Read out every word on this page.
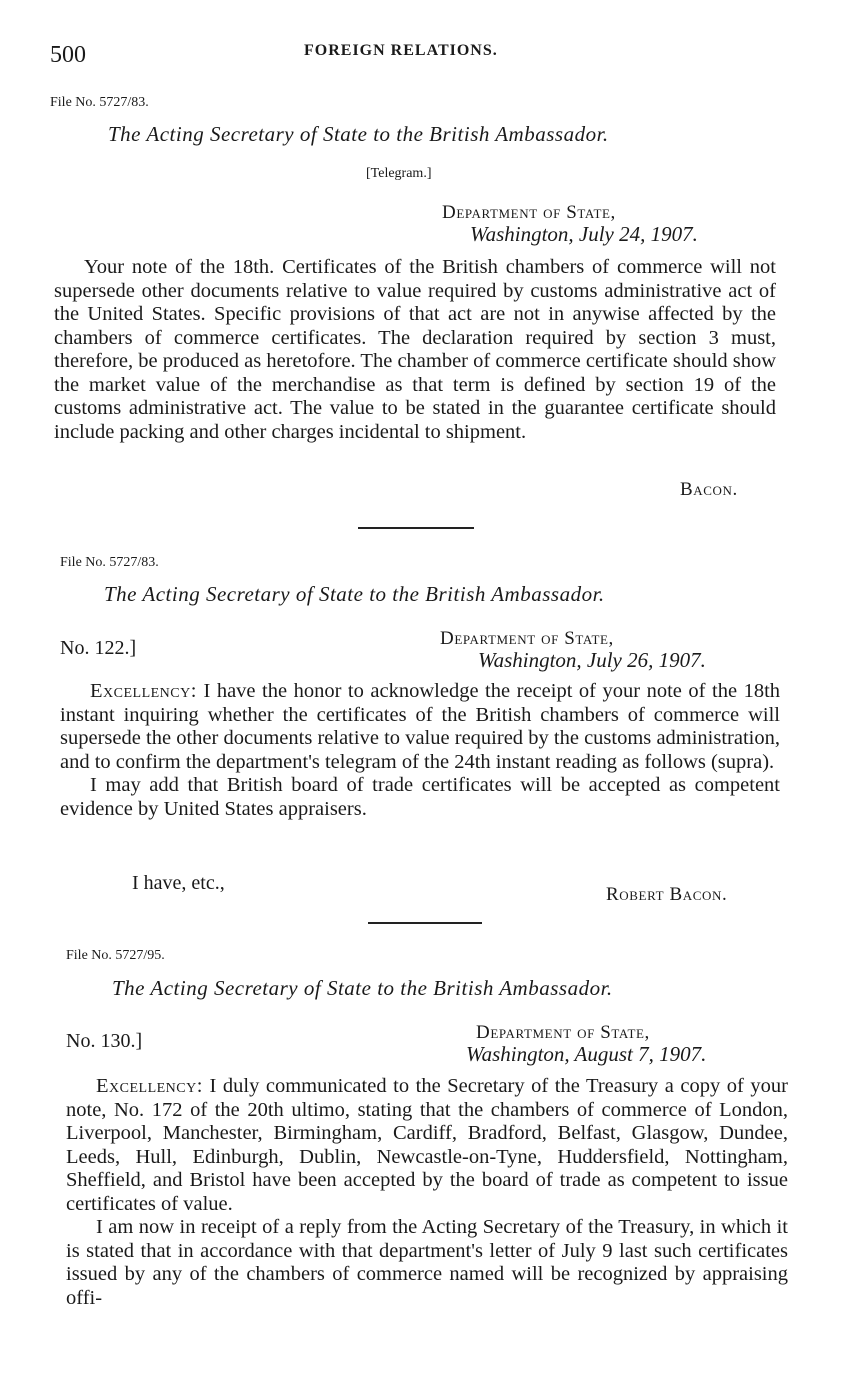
500	FOREIGN RELATIONS.
File No. 5727/83.
The Acting Secretary of State to the British Ambassador.
[Telegram.]
Department of State,
Washington, July 24, 1907.

Your note of the 18th. Certificates of the British chambers of commerce will not supersede other documents relative to value required by customs administrative act of the United States. Specific provisions of that act are not in anywise affected by the chambers of commerce certificates. The declaration required by section 3 must, therefore, be produced as heretofore. The chamber of commerce certificate should show the market value of the merchandise as that term is defined by section 19 of the customs administrative act. The value to be stated in the guarantee certificate should include packing and other charges incidental to shipment.

Bacon.
File No. 5727/83.
The Acting Secretary of State to the British Ambassador.
No. 122.]	Department of State,
Washington, July 26, 1907.

Excellency: I have the honor to acknowledge the receipt of your note of the 18th instant inquiring whether the certificates of the British chambers of commerce will supersede the other documents relative to value required by the customs administration, and to confirm the department's telegram of the 24th instant reading as follows (supra).

I may add that British board of trade certificates will be accepted as competent evidence by United States appraisers.

I have, etc.,
Robert Bacon.
File No. 5727/95.
The Acting Secretary of State to the British Ambassador.
No. 130.]	Department of State,
Washington, August 7, 1907.

Excellency: I duly communicated to the Secretary of the Treasury a copy of your note, No. 172 of the 20th ultimo, stating that the chambers of commerce of London, Liverpool, Manchester, Birmingham, Cardiff, Bradford, Belfast, Glasgow, Dundee, Leeds, Hull, Edinburgh, Dublin, Newcastle-on-Tyne, Huddersfield, Nottingham, Sheffield, and Bristol have been accepted by the board of trade as competent to issue certificates of value.

I am now in receipt of a reply from the Acting Secretary of the Treasury, in which it is stated that in accordance with that department's letter of July 9 last such certificates issued by any of the chambers of commerce named will be recognized by appraising offi-
